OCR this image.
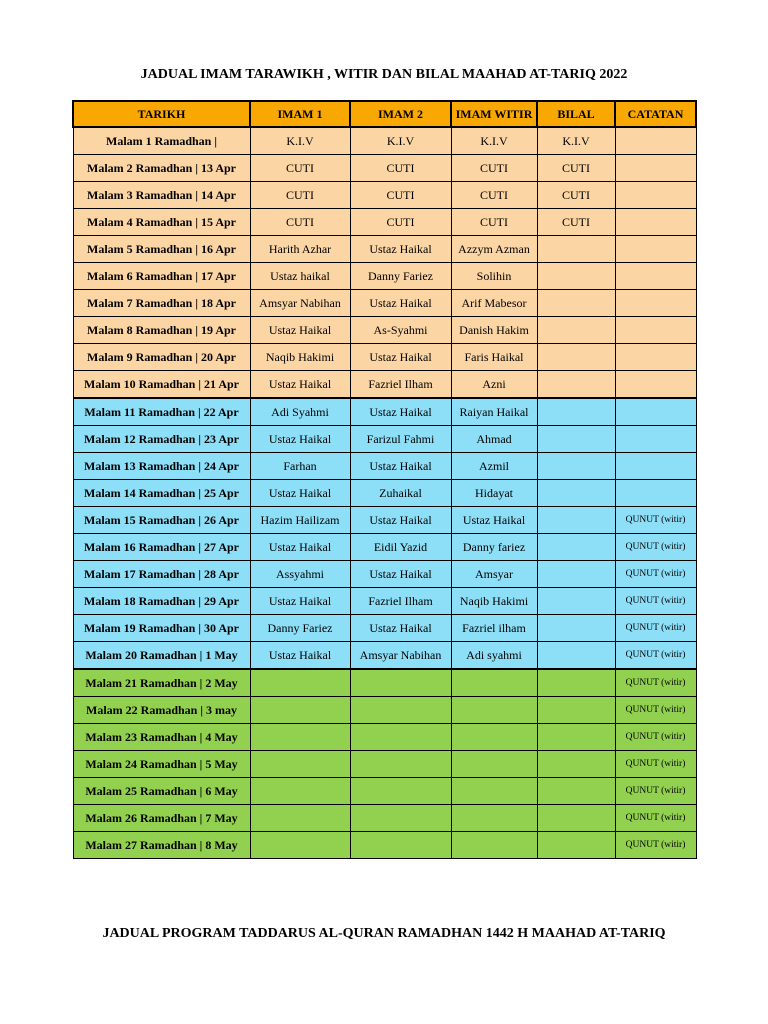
JADUAL IMAM TARAWIKH , WITIR DAN BILAL MAAHAD AT-TARIQ 2022
TARIKH	IMAM 1	IMAM 2	IMAM WITIR	BILAL	CATATAN
Malam 1 Ramadhan |	K.I.V	K.I.V	K.I.V	K.I.V	
Malam 2 Ramadhan | 13 Apr	CUTI	CUTI	CUTI	CUTI	
Malam 3 Ramadhan | 14 Apr	CUTI	CUTI	CUTI	CUTI	
Malam 4 Ramadhan | 15 Apr	CUTI	CUTI	CUTI	CUTI	
Malam 5 Ramadhan | 16 Apr	Harith Azhar	Ustaz Haikal	Azzym Azman		
Malam 6 Ramadhan | 17 Apr	Ustaz haikal	Danny Fariez	Solihin		
Malam 7 Ramadhan | 18 Apr	Amsyar Nabihan	Ustaz Haikal	Arif Mabesor		
Malam 8 Ramadhan | 19 Apr	Ustaz Haikal	As-Syahmi	Danish Hakim		
Malam 9 Ramadhan | 20 Apr	Naqib Hakimi	Ustaz Haikal	Faris Haikal		
Malam 10 Ramadhan | 21 Apr	Ustaz Haikal	Fazriel Ilham	Azni		
Malam 11 Ramadhan | 22 Apr	Adi Syahmi	Ustaz Haikal	Raiyan Haikal		
Malam 12 Ramadhan | 23 Apr	Ustaz Haikal	Farizul Fahmi	Ahmad		
Malam 13 Ramadhan | 24 Apr	Farhan	Ustaz Haikal	Azmil		
Malam 14 Ramadhan | 25 Apr	Ustaz Haikal	Zuhaikal	Hidayat		
Malam 15 Ramadhan | 26 Apr	Hazim Hailizam	Ustaz Haikal	Ustaz Haikal		QUNUT (witir)
Malam 16 Ramadhan | 27 Apr	Ustaz Haikal	Eidil Yazid	Danny fariez		QUNUT (witir)
Malam 17 Ramadhan | 28 Apr	Assyahmi	Ustaz Haikal	Amsyar		QUNUT (witir)
Malam 18 Ramadhan | 29 Apr	Ustaz Haikal	Fazriel Ilham	Naqib Hakimi		QUNUT (witir)
Malam 19 Ramadhan | 30 Apr	Danny Fariez	Ustaz Haikal	Fazriel ilham		QUNUT (witir)
Malam 20 Ramadhan | 1 May	Ustaz Haikal	Amsyar Nabihan	Adi syahmi		QUNUT (witir)
Malam 21 Ramadhan | 2 May					QUNUT (witir)
Malam 22 Ramadhan | 3 may					QUNUT (witir)
Malam 23 Ramadhan | 4 May					QUNUT (witir)
Malam 24 Ramadhan | 5 May					QUNUT (witir)
Malam 25 Ramadhan | 6 May					QUNUT (witir)
Malam 26 Ramadhan | 7 May					QUNUT (witir)
Malam 27 Ramadhan | 8 May					QUNUT (witir)
JADUAL PROGRAM TADDARUS AL-QURAN RAMADHAN 1442 H MAAHAD AT-TARIQ
